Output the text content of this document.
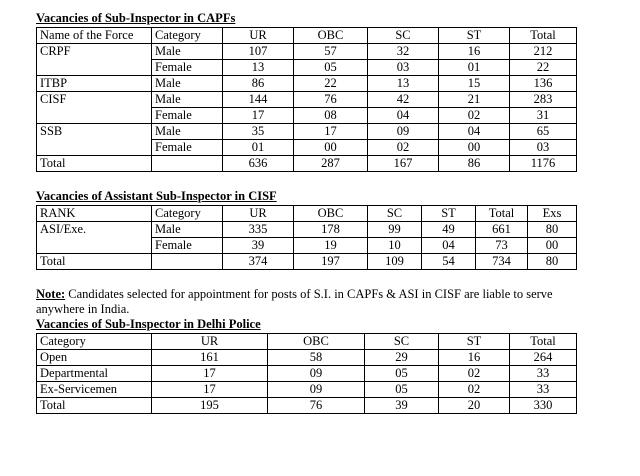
Vacancies of Sub-Inspector in CAPFs
Name of the Force	Category	UR	OBC	SC	ST	Total
CRPF	Male	107	57	32	16	212
	Female	13	05	03	01	22
ITBP	Male	86	22	13	15	136
CISF	Male	144	76	42	21	283
	Female	17	08	04	02	31
SSB	Male	35	17	09	04	65
	Female	01	00	02	00	03
Total		636	287	167	86	1176
Vacancies of Assistant Sub-Inspector in CISF
RANK	Category	UR	OBC	SC	ST	Total	Exs
ASI/Exe.	Male	335	178	99	49	661	80
	Female	39	19	10	04	73	00
Total		374	197	109	54	734	80
Note: Candidates selected for appointment for posts of S.I. in CAPFs & ASI in CISF are liable to serve anywhere in India.
Vacancies of Sub-Inspector in Delhi Police
Category	UR	OBC	SC	ST	Total
Open	161	58	29	16	264
Departmental	17	09	05	02	33
Ex-Servicemen	17	09	05	02	33
Total	195	76	39	20	330
